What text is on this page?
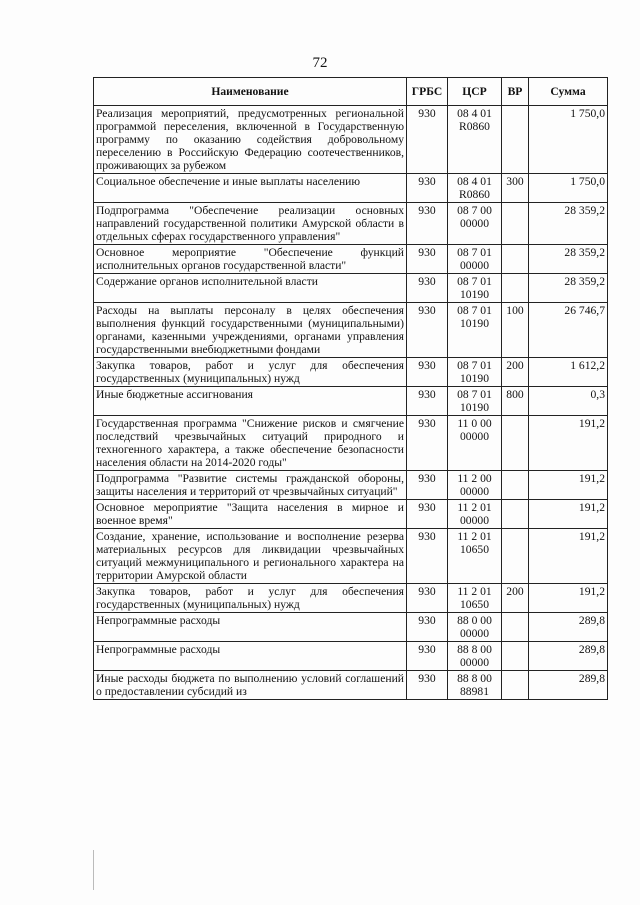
72
Наименование	ГРБС	ЦСР	ВР	Сумма
Реализация мероприятий, предусмотренных региональной программой переселения, включенной в Государственную программу по оказанию содействия добровольному переселению в Российскую Федерацию соотечественников, проживающих за рубежом	930	08 4 01 R0860		1 750,0
Социальное обеспечение и иные выплаты населению	930	08 4 01 R0860	300	1 750,0
Подпрограмма "Обеспечение реализации основных направлений государственной политики Амурской области в отдельных сферах государственного управления"	930	08 7 00 00000		28 359,2
Основное мероприятие "Обеспечение функций исполнительных органов государственной власти"	930	08 7 01 00000		28 359,2
Содержание органов исполнительной власти	930	08 7 01 10190		28 359,2
Расходы на выплаты персоналу в целях обеспечения выполнения функций государственными (муниципальными) органами, казенными учреждениями, органами управления государственными внебюджетными фондами	930	08 7 01 10190	100	26 746,7
Закупка товаров, работ и услуг для обеспечения государственных (муниципальных) нужд	930	08 7 01 10190	200	1 612,2
Иные бюджетные ассигнования	930	08 7 01 10190	800	0,3
Государственная программа "Снижение рисков и смягчение последствий чрезвычайных ситуаций природного и техногенного характера, а также обеспечение безопасности населения области на 2014-2020 годы"	930	11 0 00 00000		191,2
Подпрограмма "Развитие системы гражданской обороны, защиты населения и территорий от чрезвычайных ситуаций"	930	11 2 00 00000		191,2
Основное мероприятие "Защита населения в мирное и военное время"	930	11 2 01 00000		191,2
Создание, хранение, использование и восполнение резерва материальных ресурсов для ликвидации чрезвычайных ситуаций межмуниципального и регионального характера на территории Амурской области	930	11 2 01 10650		191,2
Закупка товаров, работ и услуг для обеспечения государственных (муниципальных) нужд	930	11 2 01 10650	200	191,2
Непрограммные расходы	930	88 0 00 00000		289,8
Непрограммные расходы	930	88 8 00 00000		289,8
Иные расходы бюджета по выполнению условий соглашений о предоставлении субсидий из	930	88 8 00 88981		289,8
